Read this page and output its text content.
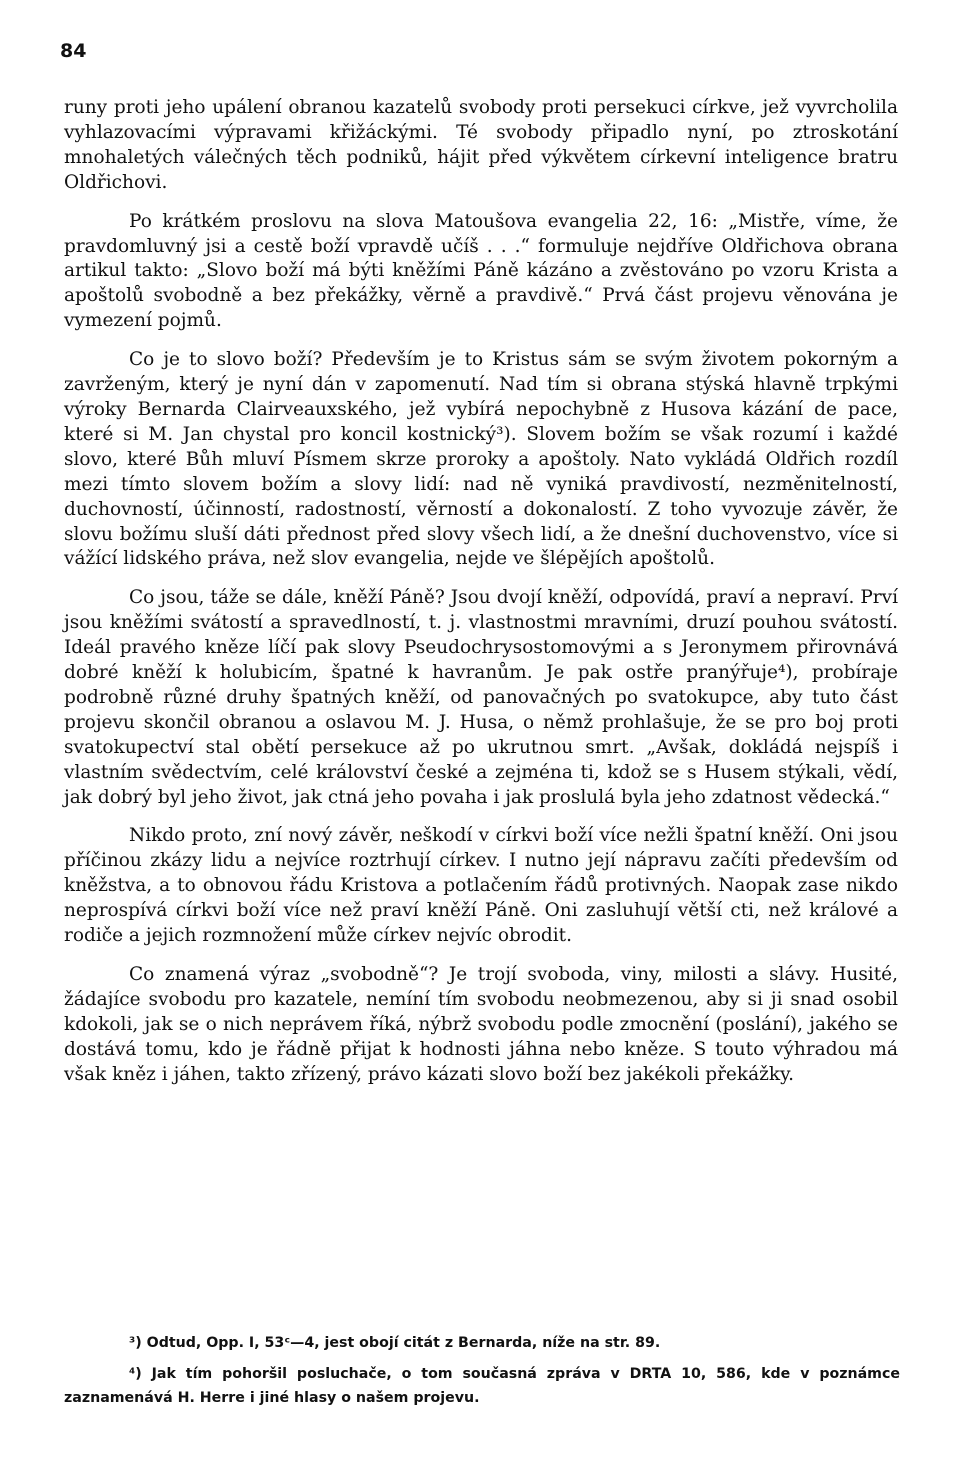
84

runy proti jeho upálení obranou kazatelů svobody proti persekuci církve, jež vyvrcholila vyhlazovacími výpravami křižáckými. Té svobody připadlo nyní, po ztroskotání mnohaletých válečných těch podniků, hájit před výkvětem církevní inteligence bratru Oldřichovi.

Po krátkém proslovu na slova Matoušova evangelia 22, 16: „Mistře, víme, že pravdomluvný jsi a cestě boží vpravdě učíš . . .“ formuluje nejdříve Oldřichova obrana artikul takto: „Slovo boží má býti kněžími Páně kázáno a zvěstováno po vzoru Krista a apoštolů svobodně a bez překážky, věrně a pravdivě.“ Prvá část projevu věnována je vymezení pojmů.

Co je to slovo boží? Především je to Kristus sám se svým životem pokorným a zavrženým, který je nyní dán v zapomenutí. Nad tím si obrana stýská hlavně trpkými výroky Bernarda Clairveauxského, jež vybírá nepochybně z Husova kázání de pace, které si M. Jan chystal pro koncil kostnický³). Slovem božím se však rozumí i každé slovo, které Bůh mluví Písmem skrze proroky a apoštoly. Nato vykládá Oldřich rozdíl mezi tímto slovem božím a slovy lidí: nad ně vyniká pravdivostí, nezměnitelností, duchovností, účinností, radostností, věrností a dokonalostí. Z toho vyvozuje závěr, že slovu božímu sluší dáti přednost před slovy všech lidí, a že dnešní duchovenstvo, více si vážící lidského práva, než slov evangelia, nejde ve šlépějích apoštolů.

Co jsou, táže se dále, kněží Páně? Jsou dvojí kněží, odpovídá, praví a nepraví. Prví jsou kněžími svátostí a spravedlností, t. j. vlastnostmi mravními, druzí pouhou svátostí. Ideál pravého kněze líčí pak slovy Pseudochrysostomovými a s Jeronymem přirovnává dobré kněží k holubicím, špatné k havranům. Je pak ostře pranýřuje⁴), probíraje podrobně různé druhy špatných kněží, od panovačných po svatokupce, aby tuto část projevu skončil obranou a oslavou M. J. Husa, o němž prohlašuje, že se pro boj proti svatokupectví stal obětí persekuce až po ukrutnou smrt. „Avšak, dokládá nejspíš i vlastním svědectvím, celé království české a zejména ti, kdož se s Husem stýkali, vědí, jak dobrý byl jeho život, jak ctná jeho povaha i jak proslulá byla jeho zdatnost vědecká.“

Nikdo proto, zní nový závěr, neškodí v církvi boží více nežli špatní kněží. Oni jsou příčinou zkázy lidu a nejvíce roztrhují církev. I nutno její nápravu začíti především od kněžstva, a to obnovou řádu Kristova a potlačením řádů protivných. Naopak zase nikdo neprospívá církvi boží více než praví kněží Páně. Oni zasluhují větší cti, než králové a rodiče a jejich rozmnožení může církev nejvíc obrodit.

Co znamená výraz „svobodně“? Je trojí svoboda, viny, milosti a slávy. Husité, žádajíce svobodu pro kazatele, nemíní tím svobodu neobmezenou, aby si ji snad osobil kdokoli, jak se o nich neprávem říká, nýbrž svobodu podle zmocnění (poslání), jakého se dostává tomu, kdo je řádně přijat k hodnosti jáhna nebo kněze. S touto výhradou má však kněz i jáhen, takto zřízený, právo kázati slovo boží bez jakékoli překážky.

³) Odtud, Opp. I, 53ᶜ—4, jest obojí citát z Bernarda, níže na str. 89.

⁴) Jak tím pohoršil posluchače, o tom současná zpráva v DRTA 10, 586, kde v poznámce zaznamenává H. Herre i jiné hlasy o našem projevu.
